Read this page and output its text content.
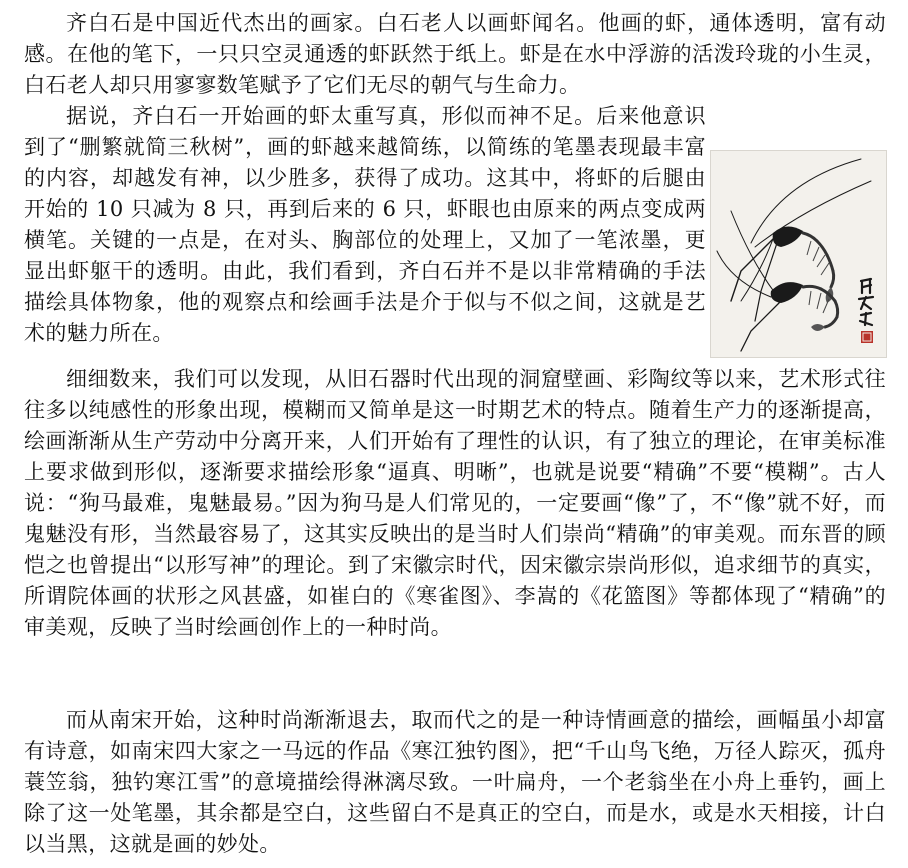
齐白石是中国近代杰出的画家。白石老人以画虾闻名。他画的虾，通体透明，富有动感。在他的笔下，一只只空灵通透的虾跃然于纸上。虾是在水中浮游的活泼玲珑的小生灵，白石老人却只用寥寥数笔赋予了它们无尽的朝气与生命力。

据说，齐白石一开始画的虾太重写真，形似而神不足。后来他意识到了“删繁就简三秋树”，画的虾越来越简练，以简练的笔墨表现最丰富的内容，却越发有神，以少胜多，获得了成功。这其中，将虾的后腿由开始的 10 只减为 8 只，再到后来的 6 只，虾眼也由原来的两点变成两横笔。关键的一点是，在对头、胸部位的处理上，又加了一笔浓墨，更显出虾躯干的透明。由此，我们看到，齐白石并不是以非常精确的手法描绘具体物象，他的观察点和绘画手法是介于似与不似之间，这就是艺术的魅力所在。

细细数来，我们可以发现，从旧石器时代出现的洞窟壁画、彩陶纹等以来，艺术形式往往多以纯感性的形象出现，模糊而又简单是这一时期艺术的特点。随着生产力的逐渐提高，绘画渐渐从生产劳动中分离开来，人们开始有了理性的认识，有了独立的理论，在审美标准上要求做到形似，逐渐要求描绘形象“逼真、明晰”，也就是说要“精确”不要“模糊”。古人说：“狗马最难，鬼魅最易。”因为狗马是人们常见的，一定要画“像”了，不“像”就不好，而鬼魅没有形，当然最容易了，这其实反映出的是当时人们崇尚“精确”的审美观。而东晋的顾恺之也曾提出“以形写神”的理论。到了宋徽宗时代，因宋徽宗崇尚形似，追求细节的真实，所谓院体画的状形之风甚盛，如崔白的《寒雀图》、李嵩的《花篮图》等都体现了“精确”的审美观，反映了当时绘画创作上的一种时尚。

而从南宋开始，这种时尚渐渐退去，取而代之的是一种诗情画意的描绘，画幅虽小却富有诗意，如南宋四大家之一马远的作品《寒江独钓图》，把“千山鸟飞绝，万径人踪灭，孤舟蓑笠翁，独钓寒江雪”的意境描绘得淋漓尽致。一叶扁舟，一个老翁坐在小舟上垂钓，画上除了这一处笔墨，其余都是空白，这些留白不是真正的空白，而是水，或是水天相接，计白以当黑，这就是画的妙处。
